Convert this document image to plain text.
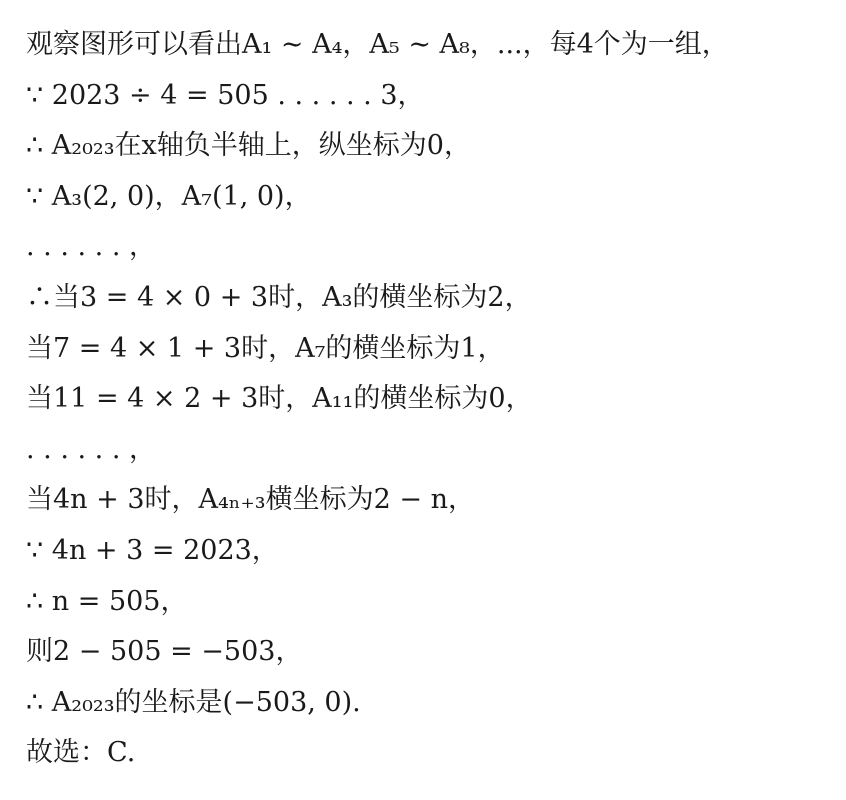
观察图形可以看出A₁ ∼ A₄，A₅ ∼ A₈，...，每4个为一组，
∵ 2023 ÷ 4 = 505 . . . . . . 3，
∴ A₂₀₂₃在x轴负半轴上，纵坐标为0，
∵ A₃(2, 0)，A₇(1, 0)，
. . . . . . ，
∴当3 = 4 × 0 + 3时，A₃的横坐标为2，
当7 = 4 × 1 + 3时，A₇的横坐标为1，
当11 = 4 × 2 + 3时，A₁₁的横坐标为0，
. . . . . . ，
当4n + 3时，A₄ₙ₊₃横坐标为2 − n，
∵ 4n + 3 = 2023，
∴ n = 505，
则2 − 505 = −503，
∴ A₂₀₂₃的坐标是(−503, 0).
故选：C.
